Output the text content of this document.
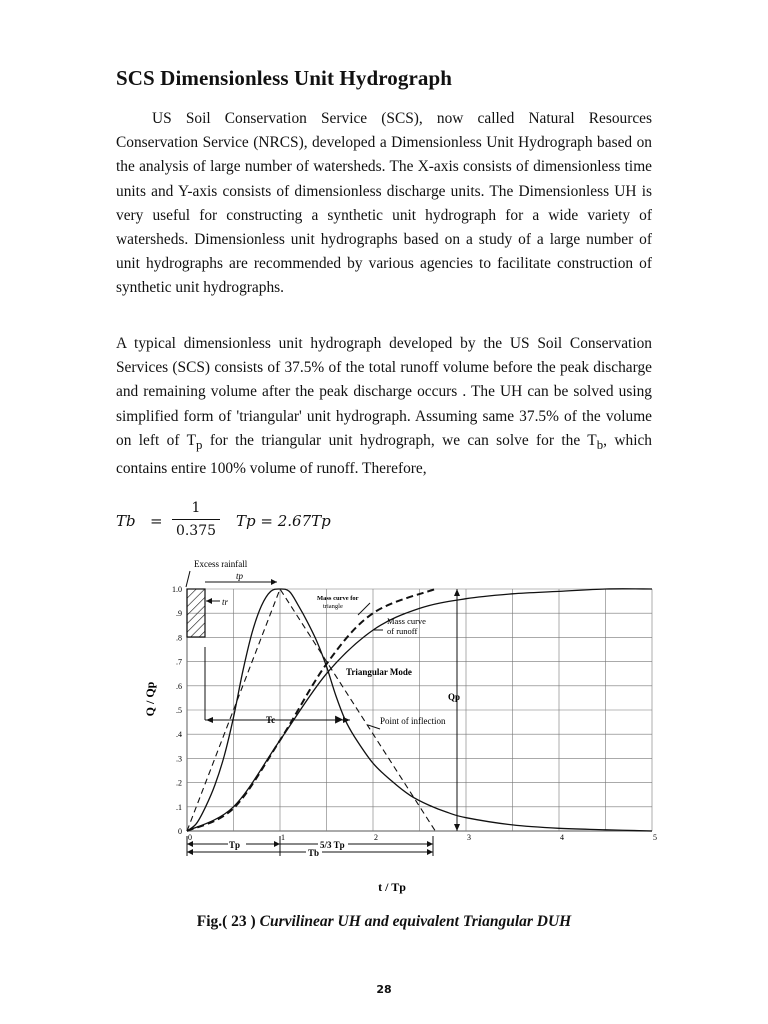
SCS Dimensionless Unit Hydrograph

US Soil Conservation Service (SCS), now called Natural Resources Conservation Service (NRCS), developed a Dimensionless Unit Hydrograph based on the analysis of large number of watersheds. The X-axis consists of dimensionless time units and Y-axis consists of dimensionless discharge units. The Dimensionless UH is very useful for constructing a synthetic unit hydrograph for a wide variety of watersheds. Dimensionless unit hydrographs based on a study of a large number of unit hydrographs are recommended by various agencies to facilitate construction of synthetic unit hydrographs.

A typical dimensionless unit hydrograph developed by the US Soil Conservation Services (SCS) consists of 37.5% of the total runoff volume before the peak discharge and remaining volume after the peak discharge occurs . The UH can be solved using simplified form of 'triangular' unit hydrograph. Assuming same 37.5% of the volume on left of $T_p$ for the triangular unit hydrograph, we can solve for the $T_b$, which contains entire 100% volume of runoff. Therefore,

Tb =
1
0.375
Tp = 2.67Tp
1.0
.9
.8
.7
.6
.5
.4
.3
.2
.1
0
0	1	2	3	4	5
Excess rainfall
tp
tr	Mass curve for
triangle
Mass curve
of runoff
Triangular Mode
Qp
Tc	Point of inflection
Tp	5/3 Tp
Tb
Q / Qp
t / Tp

Fig.( 23 ) Curvilinear UH and equivalent Triangular DUH

28
